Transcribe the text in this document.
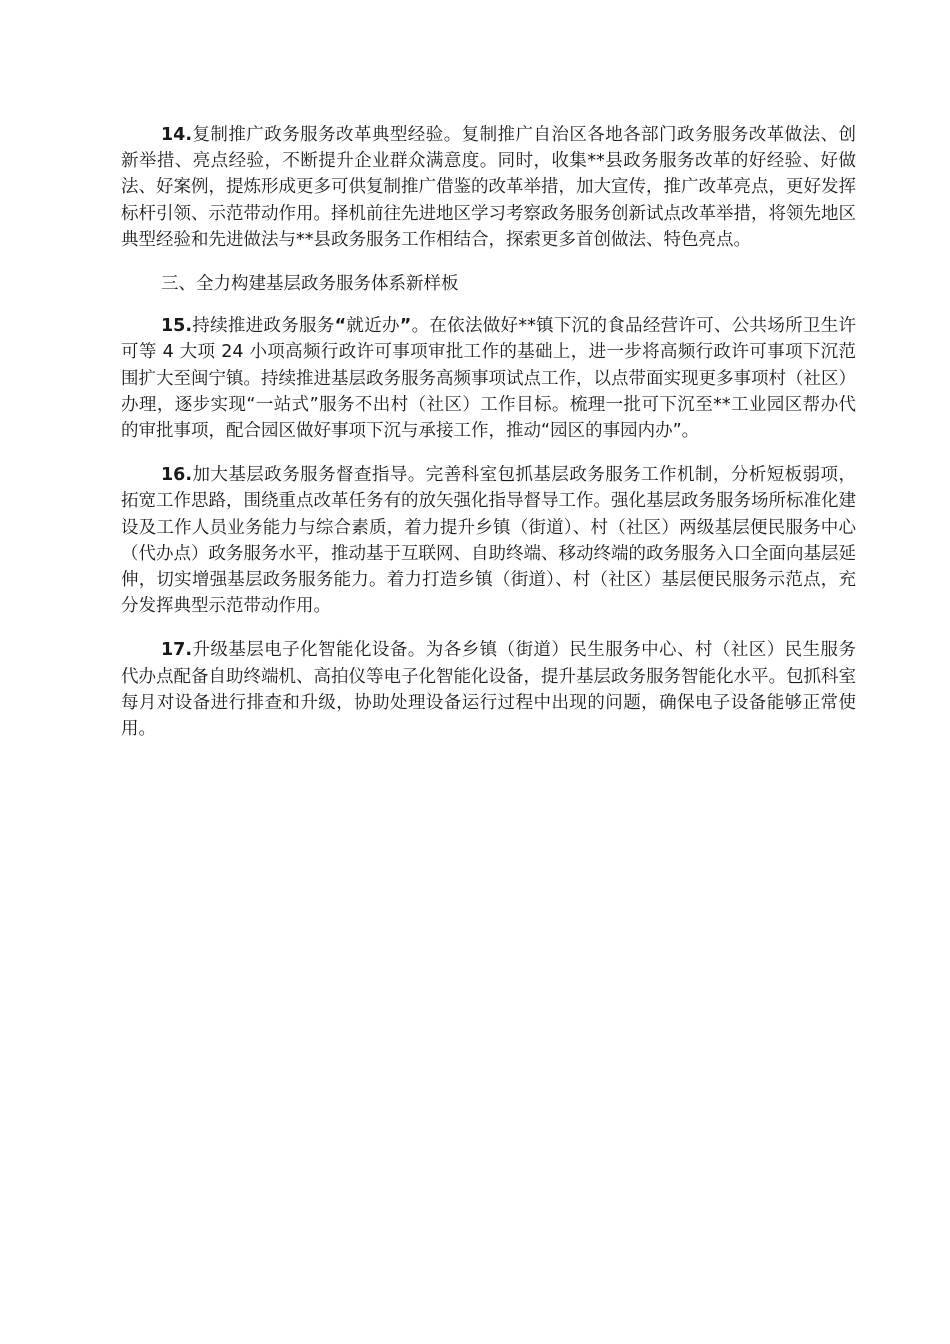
14.复制推广政务服务改革典型经验。复制推广自治区各地各部门政务服务改革做法、创新举措、亮点经验，不断提升企业群众满意度。同时，收集**县政务服务改革的好经验、好做法、好案例，提炼形成更多可供复制推广借鉴的改革举措，加大宣传，推广改革亮点，更好发挥标杆引领、示范带动作用。择机前往先进地区学习考察政务服务创新试点改革举措，将领先地区典型经验和先进做法与**县政务服务工作相结合，探索更多首创做法、特色亮点。

三、全力构建基层政务服务体系新样板

15.持续推进政务服务“就近办”。在依法做好**镇下沉的食品经营许可、公共场所卫生许可等 4 大项 24 小项高频行政许可事项审批工作的基础上，进一步将高频行政许可事项下沉范围扩大至闽宁镇。持续推进基层政务服务高频事项试点工作，以点带面实现更多事项村（社区）办理，逐步实现“一站式”服务不出村（社区）工作目标。梳理一批可下沉至**工业园区帮办代的审批事项，配合园区做好事项下沉与承接工作，推动“园区的事园内办”。

16.加大基层政务服务督查指导。完善科室包抓基层政务服务工作机制，分析短板弱项，拓宽工作思路，围绕重点改革任务有的放矢强化指导督导工作。强化基层政务服务场所标准化建设及工作人员业务能力与综合素质，着力提升乡镇（街道）、村（社区）两级基层便民服务中心（代办点）政务服务水平，推动基于互联网、自助终端、移动终端的政务服务入口全面向基层延伸，切实增强基层政务服务能力。着力打造乡镇（街道）、村（社区）基层便民服务示范点，充分发挥典型示范带动作用。

17.升级基层电子化智能化设备。为各乡镇（街道）民生服务中心、村（社区）民生服务代办点配备自助终端机、高拍仪等电子化智能化设备，提升基层政务服务智能化水平。包抓科室每月对设备进行排查和升级，协助处理设备运行过程中出现的问题，确保电子设备能够正常使用。
